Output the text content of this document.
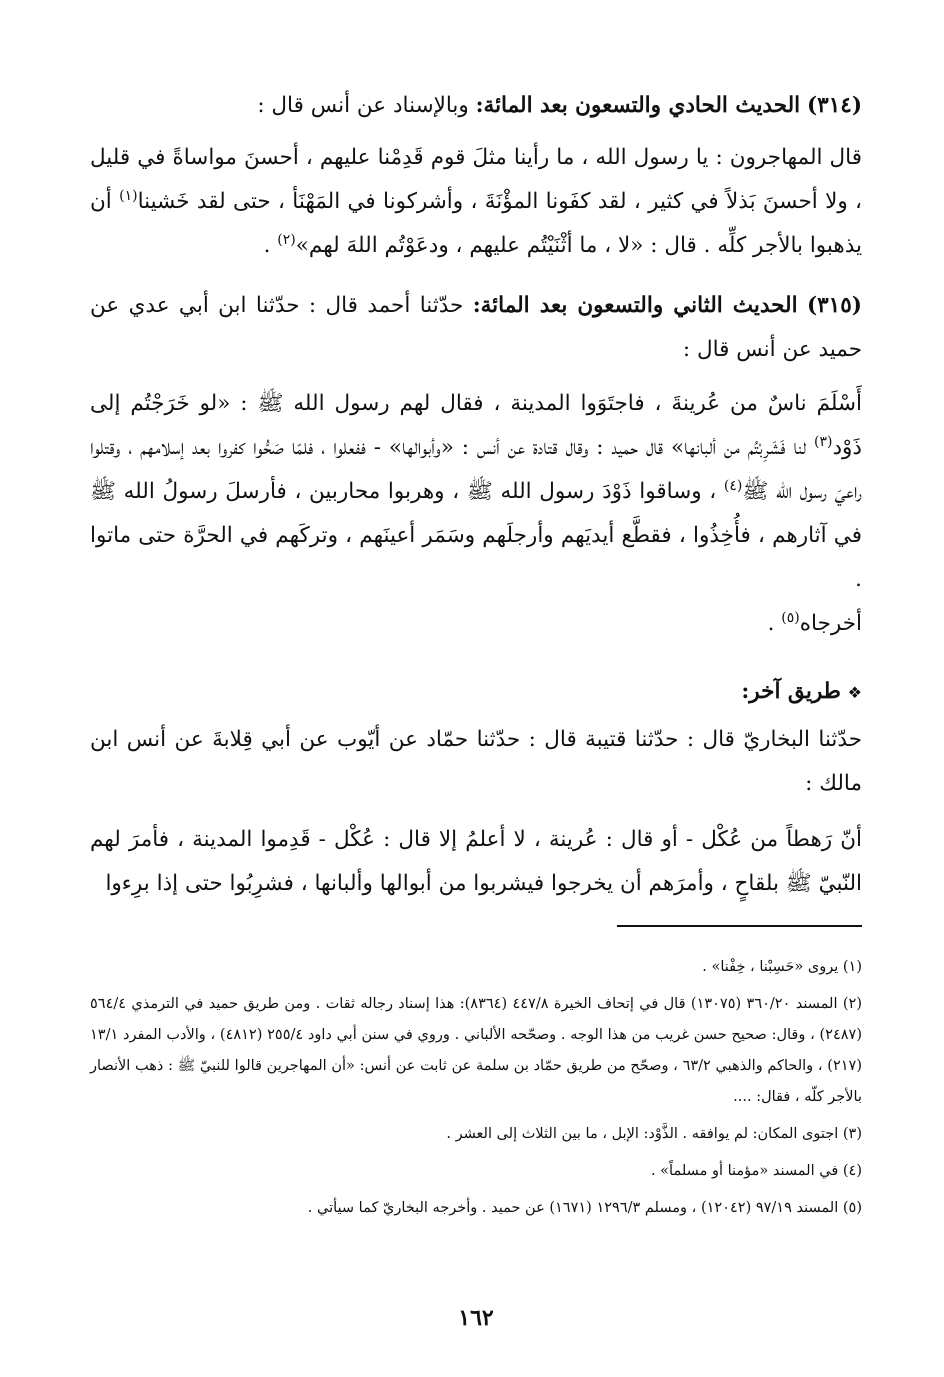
(٣١٤) الحديث الحادي والتسعون بعد المائة: وبالإسناد عن أنس قال :

قال المهاجرون : يا رسول الله ، ما رأينا مثلَ قوم قَدِمْنا عليهم ، أحسنَ مواساةً في قليل ، ولا أحسنَ بَذلاً في كثير ، لقد كفَونا المؤْنَةَ ، وأشركونا في المَهْنَأ ، حتى لقد خَشينا$^{(١)}$ أن يذهبوا بالأجر كلِّه . قال : «لا ، ما أثْنَيْتُم عليهم ، ودعَوْتُم اللهَ لهم»$^{(٢)}$ .

(٣١٥) الحديث الثاني والتسعون بعد المائة: حدّثنا أحمد قال : حدّثنا ابن أبي عدي عن حميد عن أنس قال :

أَسْلَمَ ناسٌ من عُرينةَ ، فاجتَوَوا المدينة ، فقال لهم رسول الله ﷺ : «لو خَرَجْتُم إلى ذَوْد$^{(٣)}$ لنا فَشَرِبْتُم من ألبانها» قال حميد : وقال قتادة عن أنس : «وأبوالها» - ففعلوا ، فلمّا صَحُّوا كفروا بعد إسلامهم ، وقتلوا راعيَ رسول الله ﷺ$^{(٤)}$ ، وساقوا ذَوْدَ رسول الله ﷺ ، وهربوا محاربين ، فأرسلَ رسولُ الله ﷺ في آثارهم ، فأُخِذُوا ، فقطَّع أيديَهم وأرجلَهم وسَمَر أعينَهم ، وتركَهم في الحرَّة حتى ماتوا .

أخرجاه$^{(٥)}$ .

❖ طريق آخر:

حدّثنا البخاريّ قال : حدّثنا قتيبة قال : حدّثنا حمّاد عن أيّوب عن أبي قِلابةَ عن أنس ابن مالك :

أنّ رَهطاً من عُكْل - أو قال : عُرينة ، لا أعلمُ إلا قال : عُكْل - قَدِموا المدينة ، فأمرَ لهم النّبيّ ﷺ بلقاحٍ ، وأمرَهم أن يخرجوا فيشربوا من أبوالها وألبانها ، فشرِبُوا حتى إذا برِءوا

(١) يروى «حَسِبْنا ، خِفْنا» .

(٢) المسند ٣٦٠/٢٠ (١٣٠٧٥) قال في إتحاف الخيرة ٤٤٧/٨ (٨٣٦٤): هذا إسناد رجاله ثقات . ومن طريق حميد في الترمذي ٥٦٤/٤ (٢٤٨٧) ، وقال: صحيح حسن غريب من هذا الوجه . وصحّحه الألباني . وروي في سنن أبي داود ٢٥٥/٤ (٤٨١٢) ، والأدب المفرد ١٣/١ (٢١٧) ، والحاكم والذهبي ٦٣/٢ ، وصحّح من طريق حمّاد بن سلمة عن ثابت عن أنس: «أن المهاجرين قالوا للنبيّ ﷺ : ذهب الأنصار بالأجر كلّه ، فقال: ....

(٣) اجتوى المكان: لم يوافقه . الذَّوْد: الإبل ، ما بين الثلاث إلى العشر .

(٤) في المسند «مؤمنا أو مسلماً» .

(٥) المسند ٩٧/١٩ (١٢٠٤٢) ، ومسلم ١٢٩٦/٣ (١٦٧١) عن حميد . وأخرجه البخاريّ كما سيأتي .

١٦٢
